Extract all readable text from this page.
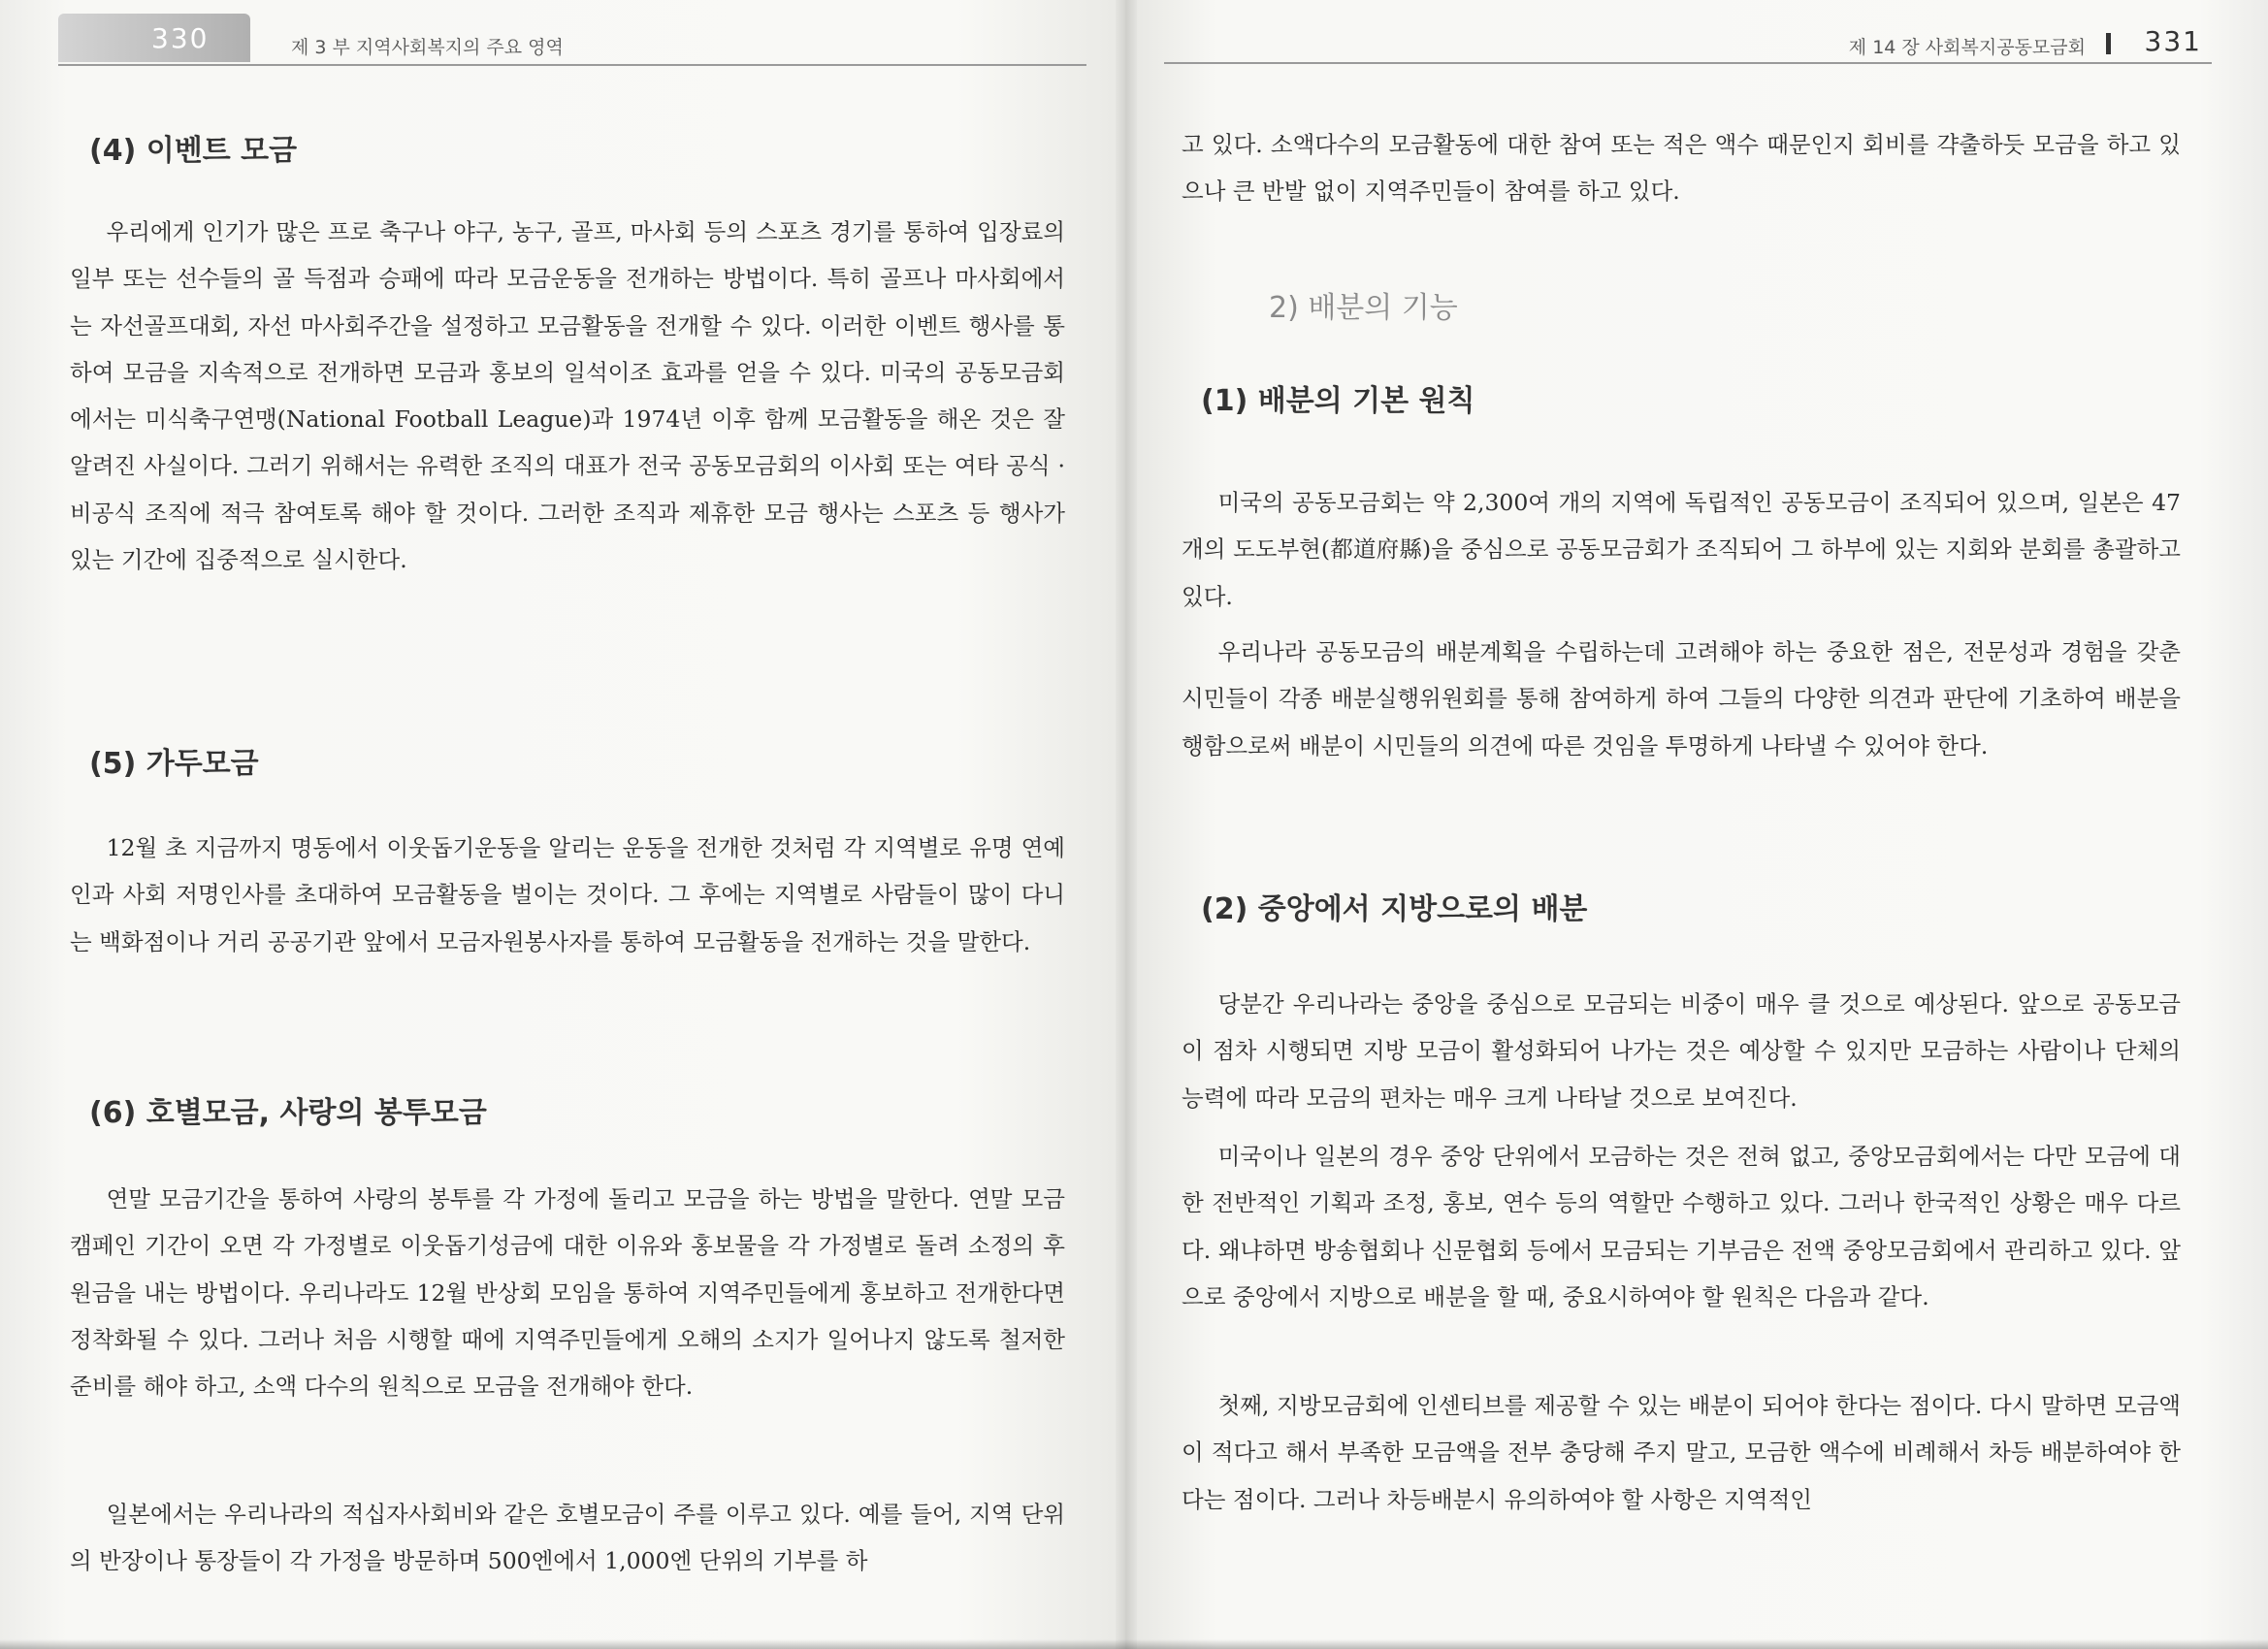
330	제 3 부 지역사회복지의 주요 영역
(4) 이벤트 모금

우리에게 인기가 많은 프로 축구나 야구, 농구, 골프, 마사회 등의 스포츠 경기를 통하여 입장료의 일부 또는 선수들의 골 득점과 승패에 따라 모금운동을 전개하는 방법이다. 특히 골프나 마사회에서는 자선골프대회, 자선 마사회주간을 설정하고 모금활동을 전개할 수 있다. 이러한 이벤트 행사를 통하여 모금을 지속적으로 전개하면 모금과 홍보의 일석이조 효과를 얻을 수 있다. 미국의 공동모금회에서는 미식축구연맹(National Football League)과 1974년 이후 함께 모금활동을 해온 것은 잘 알려진 사실이다. 그러기 위해서는 유력한 조직의 대표가 전국 공동모금회의 이사회 또는 여타 공식 · 비공식 조직에 적극 참여토록 해야 할 것이다. 그러한 조직과 제휴한 모금 행사는 스포츠 등 행사가 있는 기간에 집중적으로 실시한다.

(5) 가두모금

12월 초 지금까지 명동에서 이웃돕기운동을 알리는 운동을 전개한 것처럼 각 지역별로 유명 연예인과 사회 저명인사를 초대하여 모금활동을 벌이는 것이다. 그 후에는 지역별로 사람들이 많이 다니는 백화점이나 거리 공공기관 앞에서 모금자원봉사자를 통하여 모금활동을 전개하는 것을 말한다.

(6) 호별모금, 사랑의 봉투모금

연말 모금기간을 통하여 사랑의 봉투를 각 가정에 돌리고 모금을 하는 방법을 말한다. 연말 모금 캠페인 기간이 오면 각 가정별로 이웃돕기성금에 대한 이유와 홍보물을 각 가정별로 돌려 소정의 후원금을 내는 방법이다. 우리나라도 12월 반상회 모임을 통하여 지역주민들에게 홍보하고 전개한다면 정착화될 수 있다. 그러나 처음 시행할 때에 지역주민들에게 오해의 소지가 일어나지 않도록 철저한 준비를 해야 하고, 소액 다수의 원칙으로 모금을 전개해야 한다.

일본에서는 우리나라의 적십자사회비와 같은 호별모금이 주를 이루고 있다. 예를 들어, 지역 단위의 반장이나 통장들이 각 가정을 방문하며 500엔에서 1,000엔 단위의 기부를 하

제 14 장 사회복지공동모금회 331

고 있다. 소액다수의 모금활동에 대한 참여 또는 적은 액수 때문인지 회비를 갹출하듯 모금을 하고 있으나 큰 반발 없이 지역주민들이 참여를 하고 있다.

2) 배분의 기능
(1) 배분의 기본 원칙

미국의 공동모금회는 약 2,300여 개의 지역에 독립적인 공동모금이 조직되어 있으며, 일본은 47개의 도도부현(都道府縣)을 중심으로 공동모금회가 조직되어 그 하부에 있는 지회와 분회를 총괄하고 있다.

우리나라 공동모금의 배분계획을 수립하는데 고려해야 하는 중요한 점은, 전문성과 경험을 갖춘 시민들이 각종 배분실행위원회를 통해 참여하게 하여 그들의 다양한 의견과 판단에 기초하여 배분을 행함으로써 배분이 시민들의 의견에 따른 것임을 투명하게 나타낼 수 있어야 한다.

(2) 중앙에서 지방으로의 배분

당분간 우리나라는 중앙을 중심으로 모금되는 비중이 매우 클 것으로 예상된다. 앞으로 공동모금이 점차 시행되면 지방 모금이 활성화되어 나가는 것은 예상할 수 있지만 모금하는 사람이나 단체의 능력에 따라 모금의 편차는 매우 크게 나타날 것으로 보여진다.

미국이나 일본의 경우 중앙 단위에서 모금하는 것은 전혀 없고, 중앙모금회에서는 다만 모금에 대한 전반적인 기획과 조정, 홍보, 연수 등의 역할만 수행하고 있다. 그러나 한국적인 상황은 매우 다르다. 왜냐하면 방송협회나 신문협회 등에서 모금되는 기부금은 전액 중앙모금회에서 관리하고 있다. 앞으로 중앙에서 지방으로 배분을 할 때, 중요시하여야 할 원칙은 다음과 같다.

첫째, 지방모금회에 인센티브를 제공할 수 있는 배분이 되어야 한다는 점이다. 다시 말하면 모금액이 적다고 해서 부족한 모금액을 전부 충당해 주지 말고, 모금한 액수에 비례해서 차등 배분하여야 한다는 점이다. 그러나 차등배분시 유의하여야 할 사항은 지역적인
